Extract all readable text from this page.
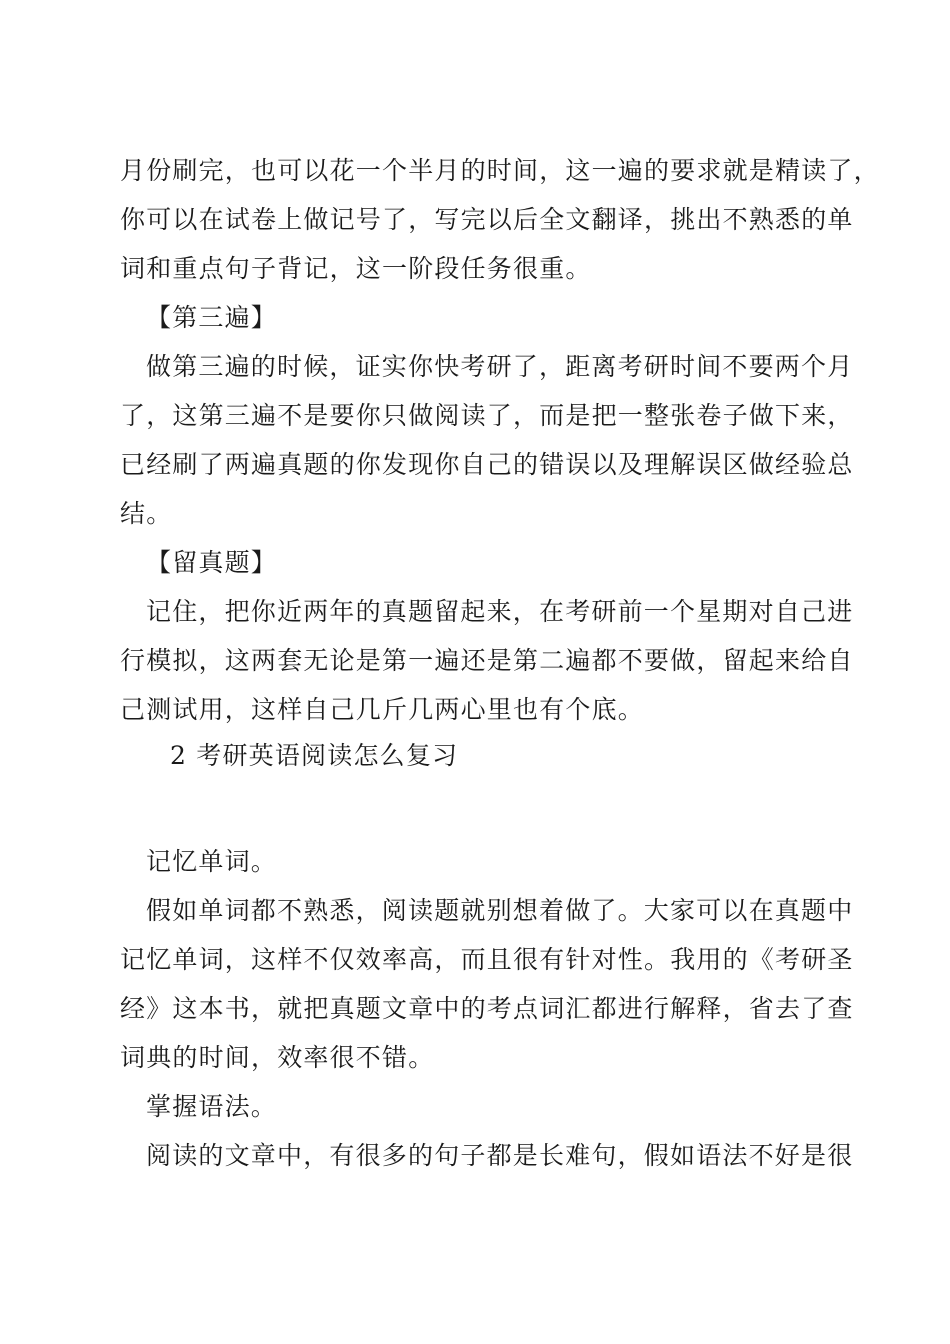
月份刷完，也可以花一个半月的时间，这一遍的要求就是精读了，
你可以在试卷上做记号了，写完以后全文翻译，挑出不熟悉的单
词和重点句子背记，这一阶段任务很重。
【第三遍】
做第三遍的时候，证实你快考研了，距离考研时间不要两个月
了，这第三遍不是要你只做阅读了，而是把一整张卷子做下来，
已经刷了两遍真题的你发现你自己的错误以及理解误区做经验总
结。
【留真题】
记住，把你近两年的真题留起来，在考研前一个星期对自己进
行模拟，这两套无论是第一遍还是第二遍都不要做，留起来给自
己测试用，这样自己几斤几两心里也有个底。
2 考研英语阅读怎么复习
记忆单词。
假如单词都不熟悉，阅读题就别想着做了。大家可以在真题中
记忆单词，这样不仅效率高，而且很有针对性。我用的《考研圣
经》这本书，就把真题文章中的考点词汇都进行解释，省去了查
词典的时间，效率很不错。
掌握语法。
阅读的文章中，有很多的句子都是长难句，假如语法不好是很
